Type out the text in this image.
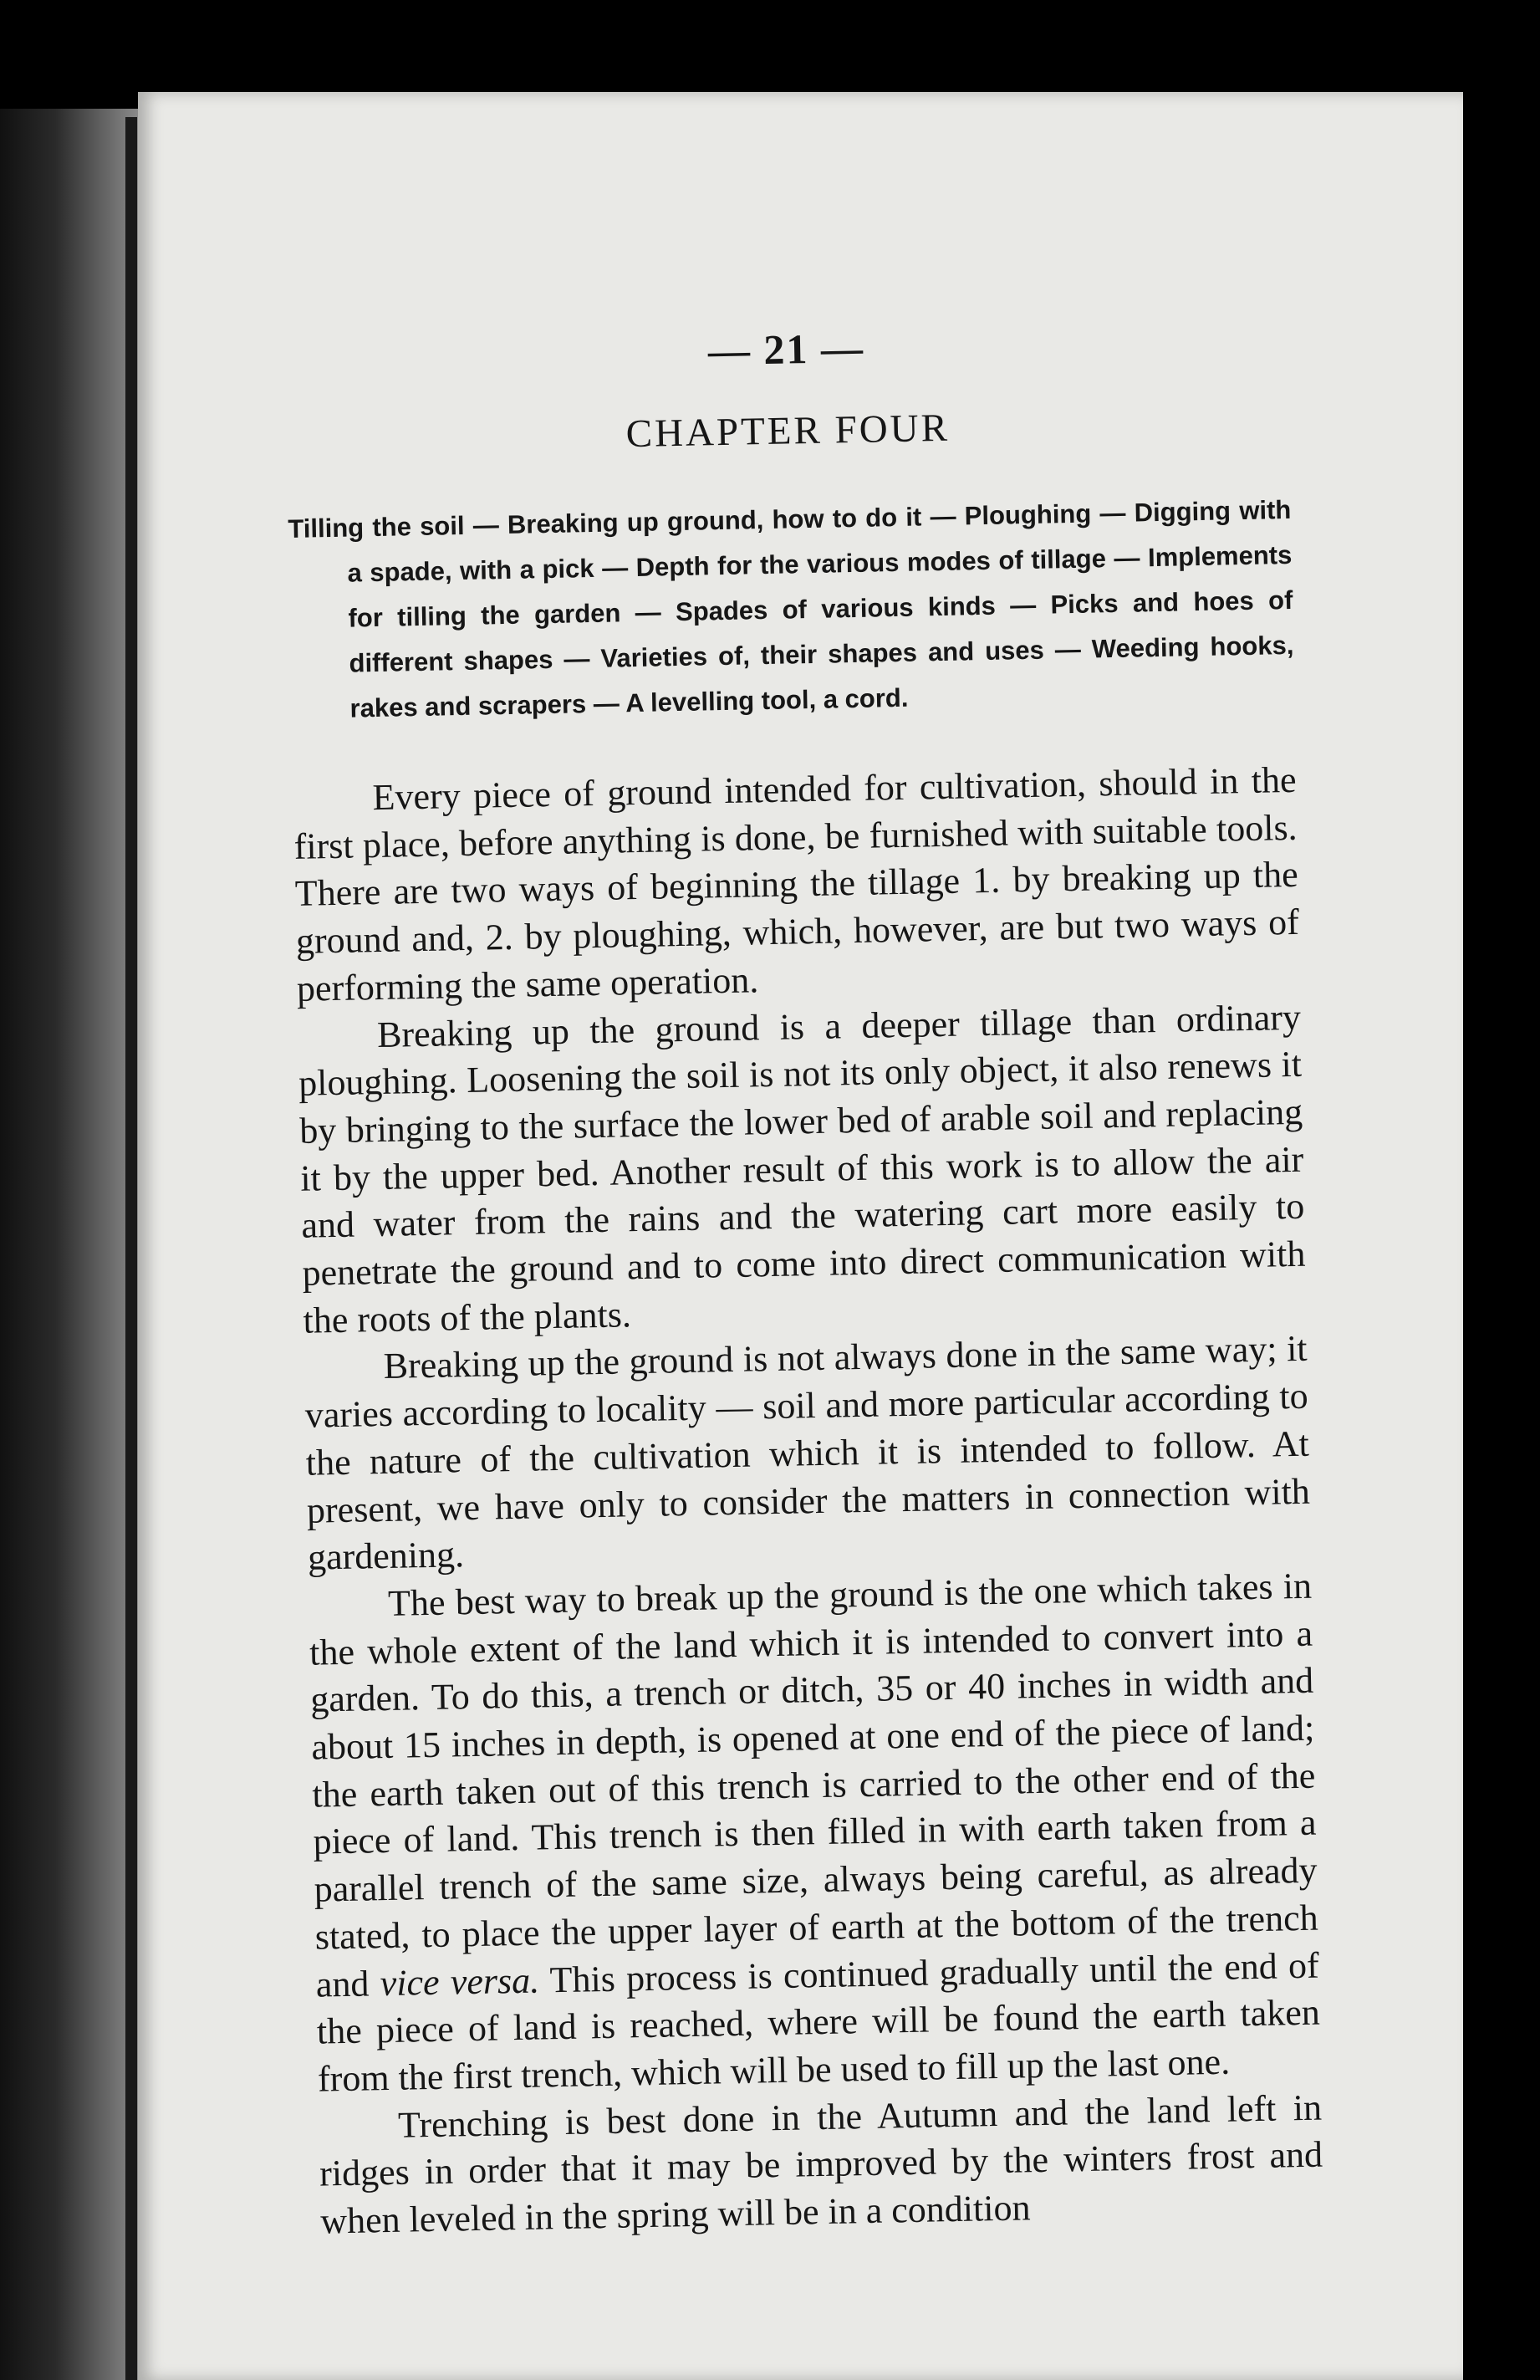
— 21 —
CHAPTER FOUR
Tilling the soil — Breaking up ground, how to do it — Ploughing — Digging with a spade, with a pick — Depth for the various modes of tillage — Implements for tilling the garden — Spades of various kinds — Picks and hoes of different shapes — Varieties of, their shapes and uses — Weeding hooks, rakes and scrapers — A levelling tool, a cord.

Every piece of ground intended for cultivation, should in the first place, before anything is done, be furnished with suitable tools. There are two ways of beginning the tillage 1. by breaking up the ground and, 2. by ploughing, which, however, are but two ways of performing the same operation.

Breaking up the ground is a deeper tillage than ordinary ploughing. Loosening the soil is not its only object, it also renews it by bringing to the surface the lower bed of arable soil and replacing it by the upper bed. Another result of this work is to allow the air and water from the rains and the watering cart more easily to penetrate the ground and to come into direct communication with the roots of the plants.

Breaking up the ground is not always done in the same way; it varies according to locality — soil and more particular according to the nature of the cultivation which it is intended to follow. At present, we have only to consider the matters in connection with gardening.

The best way to break up the ground is the one which takes in the whole extent of the land which it is intended to convert into a garden. To do this, a trench or ditch, 35 or 40 inches in width and about 15 inches in depth, is opened at one end of the piece of land; the earth taken out of this trench is carried to the other end of the piece of land. This trench is then filled in with earth taken from a parallel trench of the same size, always being careful, as already stated, to place the upper layer of earth at the bottom of the trench and vice versa. This process is continued gradually until the end of the piece of land is reached, where will be found the earth taken from the first trench, which will be used to fill up the last one.

Trenching is best done in the Autumn and the land left in ridges in order that it may be improved by the winters frost and when leveled in the spring will be in a condition
